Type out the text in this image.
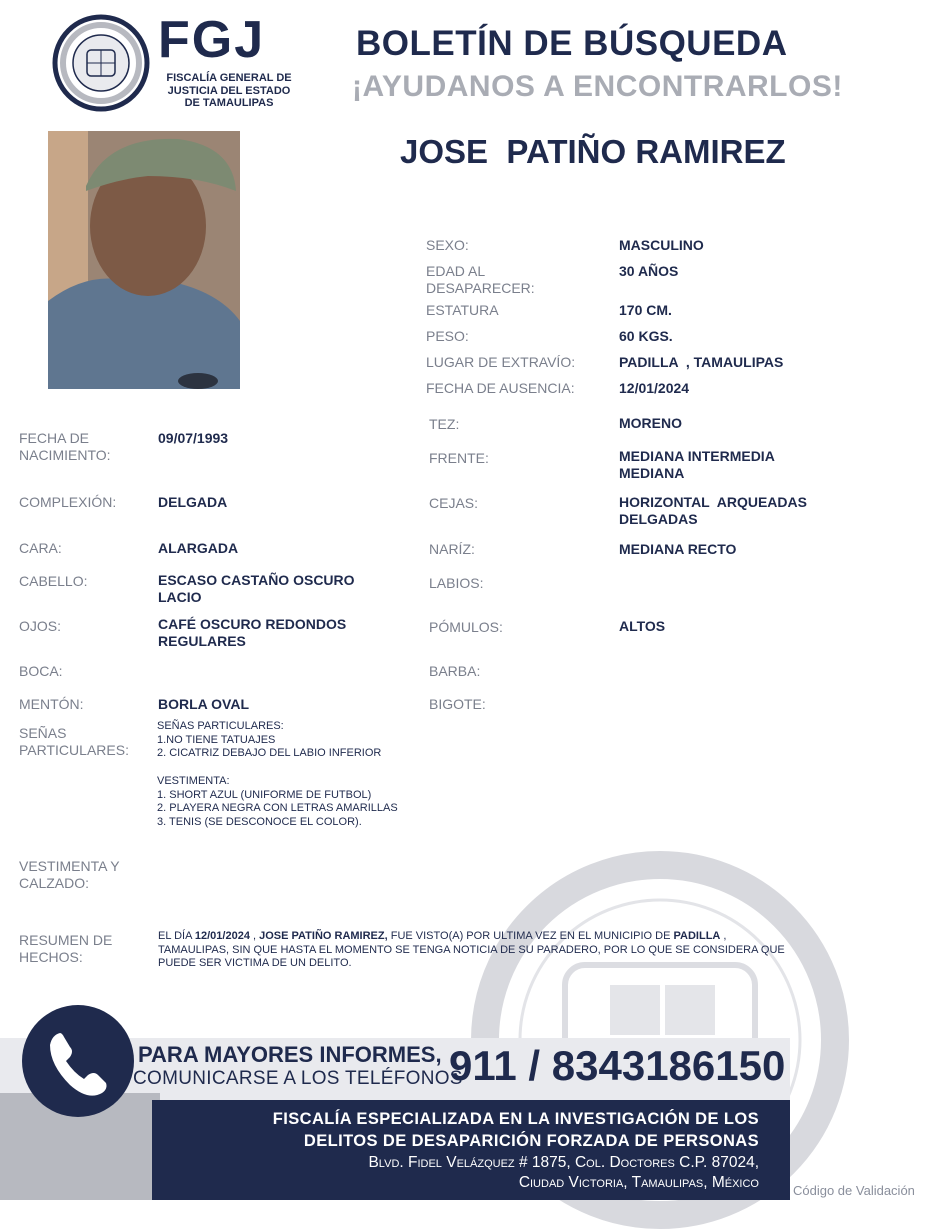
FGJ
FISCALÍA GENERAL DE
JUSTICIA DEL ESTADO
DE TAMAULIPAS
BOLETÍN DE BÚSQUEDA
¡AYUDANOS A ENCONTRARLOS!
JOSE  PATIÑO RAMIREZ
SEXO:	MASCULINO
EDAD AL
DESAPARECER:
30 AÑOS
ESTATURA	170 CM.
PESO:	60 KGS.
LUGAR DE EXTRAVÍO:	PADILLA  , TAMAULIPAS
FECHA DE AUSENCIA:	12/01/2024
TEZ:	MORENO
FRENTE:	MEDIANA INTERMEDIA
MEDIANA
CEJAS:	HORIZONTAL  ARQUEADAS
DELGADAS
NARÍZ:	MEDIANA RECTO
LABIOS:
PÓMULOS:	ALTOS
BARBA:
BIGOTE:
FECHA DE
NACIMIENTO:
09/07/1993
COMPLEXIÓN:	DELGADA
CARA:	ALARGADA
CABELLO:	ESCASO CASTAÑO OSCURO
LACIO
OJOS:	CAFÉ OSCURO REDONDOS
REGULARES
BOCA:
MENTÓN:	BORLA OVAL
SEÑAS
PARTICULARES:
SEÑAS PARTICULARES:
1.NO TIENE TATUAJES
2. CICATRIZ DEBAJO DEL LABIO INFERIOR
VESTIMENTA:
1. SHORT AZUL (UNIFORME DE FUTBOL)
2. PLAYERA NEGRA CON LETRAS AMARILLAS
3. TENIS (SE DESCONOCE EL COLOR).
VESTIMENTA Y
CALZADO:
RESUMEN DE
HECHOS:
EL DÍA 12/01/2024 , JOSE PATIÑO RAMIREZ, FUE VISTO(A) POR ULTIMA VEZ EN EL MUNICIPIO DE PADILLA ,
TAMAULIPAS, SIN QUE HASTA EL MOMENTO SE TENGA NOTICIA DE SU PARADERO, POR LO QUE SE CONSIDERA QUE
PUEDE SER VICTIMA DE UN DELITO.
PARA MAYORES INFORMES,
COMUNICARSE A LOS TELÉFONOS
911 / 8343186150
FISCALÍA ESPECIALIZADA EN LA INVESTIGACIÓN DE LOS
DELITOS DE DESAPARICIÓN FORZADA DE PERSONAS
Blvd. Fidel Velázquez # 1875, Col. Doctores C.P. 87024,
Ciudad Victoria, Tamaulipas, México	Código de Validación
